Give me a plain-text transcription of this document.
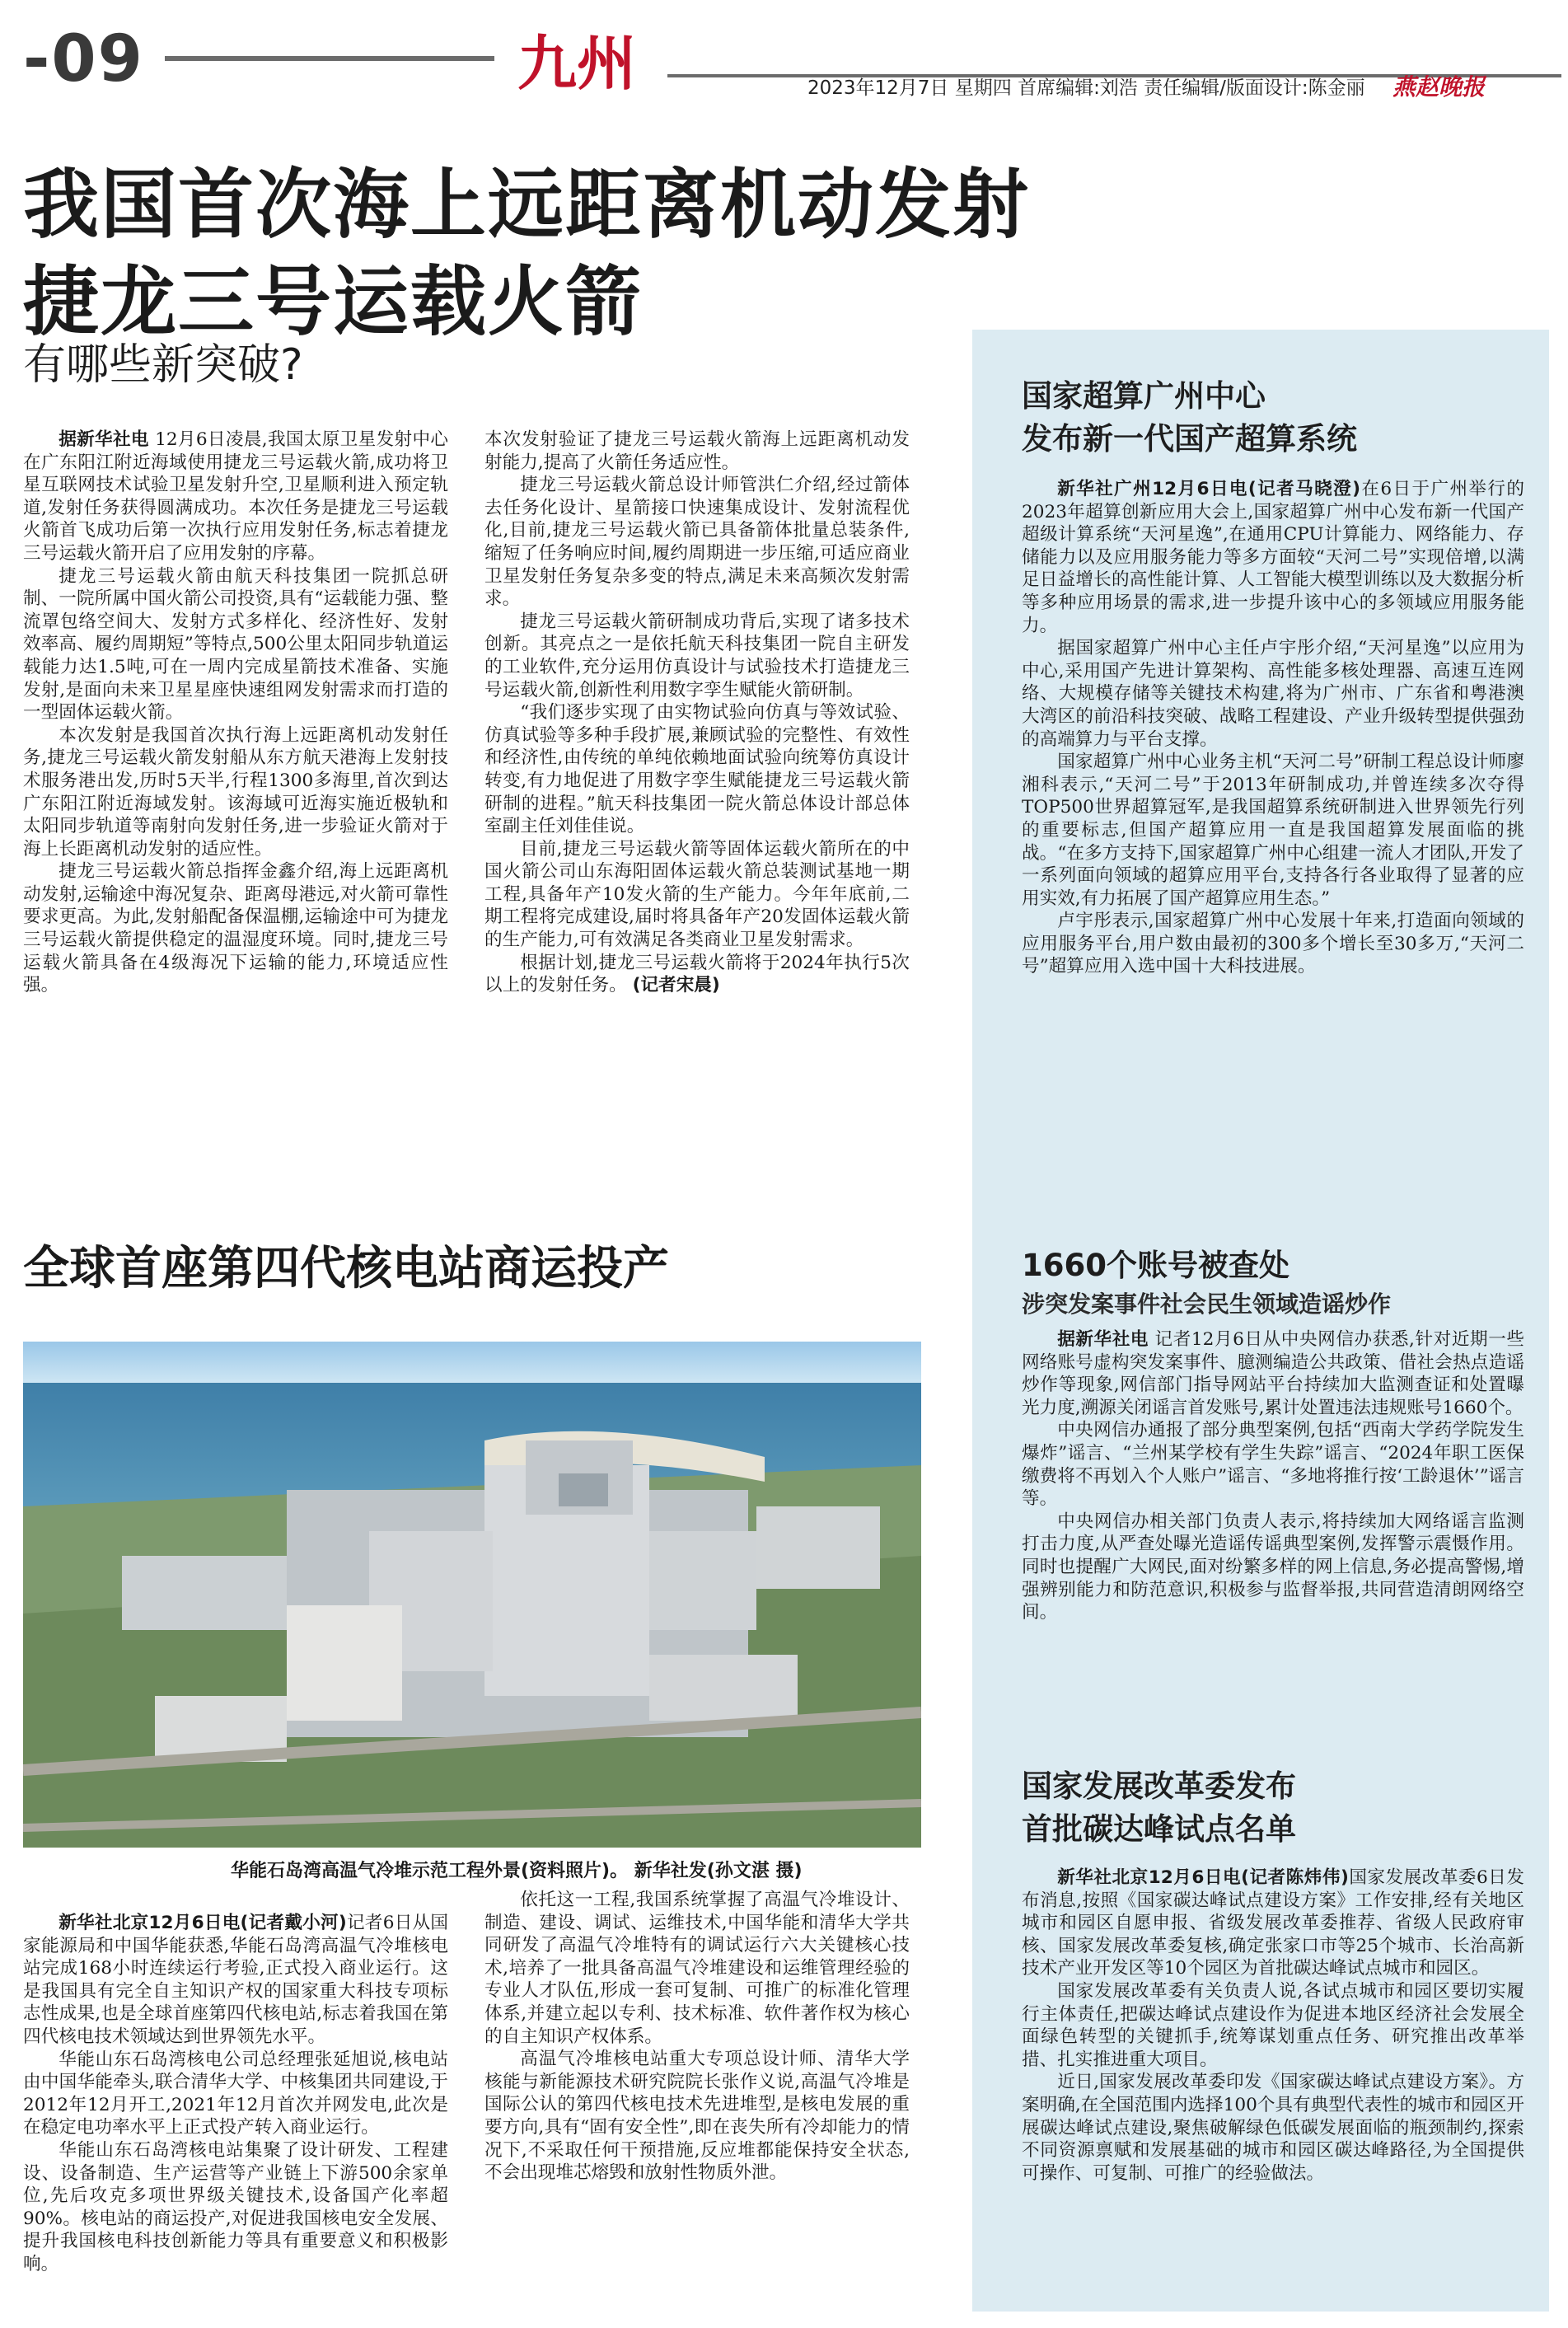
-09	九州	2023年12月7日 星期四 首席编辑:刘浩 责任编辑/版面设计:陈金丽 燕赵晚报
我国首次海上远距离机动发射
捷龙三号运载火箭
有哪些新突破?

据新华社电 12月6日凌晨,我国太原卫星发射中心在广东阳江附近海域使用捷龙三号运载火箭,成功将卫星互联网技术试验卫星发射升空,卫星顺利进入预定轨道,发射任务获得圆满成功。本次任务是捷龙三号运载火箭首飞成功后第一次执行应用发射任务,标志着捷龙三号运载火箭开启了应用发射的序幕。

捷龙三号运载火箭由航天科技集团一院抓总研制、一院所属中国火箭公司投资,具有“运载能力强、整流罩包络空间大、发射方式多样化、经济性好、发射效率高、履约周期短”等特点,500公里太阳同步轨道运载能力达1.5吨,可在一周内完成星箭技术准备、实施发射,是面向未来卫星星座快速组网发射需求而打造的一型固体运载火箭。

本次发射是我国首次执行海上远距离机动发射任务,捷龙三号运载火箭发射船从东方航天港海上发射技术服务港出发,历时5天半,行程1300多海里,首次到达广东阳江附近海域发射。该海域可近海实施近极轨和太阳同步轨道等南射向发射任务,进一步验证火箭对于海上长距离机动发射的适应性。

捷龙三号运载火箭总指挥金鑫介绍,海上远距离机动发射,运输途中海况复杂、距离母港远,对火箭可靠性要求更高。为此,发射船配备保温棚,运输途中可为捷龙三号运载火箭提供稳定的温湿度环境。同时,捷龙三号运载火箭具备在4级海况下运输的能力,环境适应性强。

本次发射验证了捷龙三号运载火箭海上远距离机动发射能力,提高了火箭任务适应性。

捷龙三号运载火箭总设计师管洪仁介绍,经过箭体去任务化设计、星箭接口快速集成设计、发射流程优化,目前,捷龙三号运载火箭已具备箭体批量总装条件,缩短了任务响应时间,履约周期进一步压缩,可适应商业卫星发射任务复杂多变的特点,满足未来高频次发射需求。

捷龙三号运载火箭研制成功背后,实现了诸多技术创新。其亮点之一是依托航天科技集团一院自主研发的工业软件,充分运用仿真设计与试验技术打造捷龙三号运载火箭,创新性利用数字孪生赋能火箭研制。

“我们逐步实现了由实物试验向仿真与等效试验、仿真试验等多种手段扩展,兼顾试验的完整性、有效性和经济性,由传统的单纯依赖地面试验向统筹仿真设计转变,有力地促进了用数字孪生赋能捷龙三号运载火箭研制的进程。”航天科技集团一院火箭总体设计部总体室副主任刘佳佳说。

目前,捷龙三号运载火箭等固体运载火箭所在的中国火箭公司山东海阳固体运载火箭总装测试基地一期工程,具备年产10发火箭的生产能力。今年年底前,二期工程将完成建设,届时将具备年产20发固体运载火箭的生产能力,可有效满足各类商业卫星发射需求。

根据计划,捷龙三号运载火箭将于2024年执行5次以上的发射任务。 (记者宋晨)

全球首座第四代核电站商运投产
华能石岛湾高温气冷堆示范工程外景(资料照片)。 新华社发(孙文湛 摄)

新华社北京12月6日电(记者戴小河)记者6日从国家能源局和中国华能获悉,华能石岛湾高温气冷堆核电站完成168小时连续运行考验,正式投入商业运行。这是我国具有完全自主知识产权的国家重大科技专项标志性成果,也是全球首座第四代核电站,标志着我国在第四代核电技术领域达到世界领先水平。

华能山东石岛湾核电公司总经理张延旭说,核电站由中国华能牵头,联合清华大学、中核集团共同建设,于2012年12月开工,2021年12月首次并网发电,此次是在稳定电功率水平上正式投产转入商业运行。

华能山东石岛湾核电站集聚了设计研发、工程建设、设备制造、生产运营等产业链上下游500余家单位,先后攻克多项世界级关键技术,设备国产化率超90%。核电站的商运投产,对促进我国核电安全发展、提升我国核电科技创新能力等具有重要意义和积极影响。

依托这一工程,我国系统掌握了高温气冷堆设计、制造、建设、调试、运维技术,中国华能和清华大学共同研发了高温气冷堆特有的调试运行六大关键核心技术,培养了一批具备高温气冷堆建设和运维管理经验的专业人才队伍,形成一套可复制、可推广的标准化管理体系,并建立起以专利、技术标准、软件著作权为核心的自主知识产权体系。

高温气冷堆核电站重大专项总设计师、清华大学核能与新能源技术研究院院长张作义说,高温气冷堆是国际公认的第四代核电技术先进堆型,是核电发展的重要方向,具有“固有安全性”,即在丧失所有冷却能力的情况下,不采取任何干预措施,反应堆都能保持安全状态,不会出现堆芯熔毁和放射性物质外泄。

国家超算广州中心
发布新一代国产超算系统

新华社广州12月6日电(记者马晓澄)在6日于广州举行的2023年超算创新应用大会上,国家超算广州中心发布新一代国产超级计算系统“天河星逸”,在通用CPU计算能力、网络能力、存储能力以及应用服务能力等多方面较“天河二号”实现倍增,以满足日益增长的高性能计算、人工智能大模型训练以及大数据分析等多种应用场景的需求,进一步提升该中心的多领域应用服务能力。

据国家超算广州中心主任卢宇彤介绍,“天河星逸”以应用为中心,采用国产先进计算架构、高性能多核处理器、高速互连网络、大规模存储等关键技术构建,将为广州市、广东省和粤港澳大湾区的前沿科技突破、战略工程建设、产业升级转型提供强劲的高端算力与平台支撑。

国家超算广州中心业务主机“天河二号”研制工程总设计师廖湘科表示,“天河二号”于2013年研制成功,并曾连续多次夺得TOP500世界超算冠军,是我国超算系统研制进入世界领先行列的重要标志,但国产超算应用一直是我国超算发展面临的挑战。“在多方支持下,国家超算广州中心组建一流人才团队,开发了一系列面向领域的超算应用平台,支持各行各业取得了显著的应用实效,有力拓展了国产超算应用生态。”

卢宇彤表示,国家超算广州中心发展十年来,打造面向领域的应用服务平台,用户数由最初的300多个增长至30多万,“天河二号”超算应用入选中国十大科技进展。

1660个账号被查处
涉突发案事件社会民生领域造谣炒作

据新华社电 记者12月6日从中央网信办获悉,针对近期一些网络账号虚构突发案事件、臆测编造公共政策、借社会热点造谣炒作等现象,网信部门指导网站平台持续加大监测查证和处置曝光力度,溯源关闭谣言首发账号,累计处置违法违规账号1660个。

中央网信办通报了部分典型案例,包括“西南大学药学院发生爆炸”谣言、“兰州某学校有学生失踪”谣言、“2024年职工医保缴费将不再划入个人账户”谣言、“多地将推行按‘工龄退休’”谣言等。

中央网信办相关部门负责人表示,将持续加大网络谣言监测打击力度,从严查处曝光造谣传谣典型案例,发挥警示震慑作用。同时也提醒广大网民,面对纷繁多样的网上信息,务必提高警惕,增强辨别能力和防范意识,积极参与监督举报,共同营造清朗网络空间。

国家发展改革委发布
首批碳达峰试点名单

新华社北京12月6日电(记者陈炜伟)国家发展改革委6日发布消息,按照《国家碳达峰试点建设方案》工作安排,经有关地区城市和园区自愿申报、省级发展改革委推荐、省级人民政府审核、国家发展改革委复核,确定张家口市等25个城市、长治高新技术产业开发区等10个园区为首批碳达峰试点城市和园区。

国家发展改革委有关负责人说,各试点城市和园区要切实履行主体责任,把碳达峰试点建设作为促进本地区经济社会发展全面绿色转型的关键抓手,统筹谋划重点任务、研究推出改革举措、扎实推进重大项目。

近日,国家发展改革委印发《国家碳达峰试点建设方案》。方案明确,在全国范围内选择100个具有典型代表性的城市和园区开展碳达峰试点建设,聚焦破解绿色低碳发展面临的瓶颈制约,探索不同资源禀赋和发展基础的城市和园区碳达峰路径,为全国提供可操作、可复制、可推广的经验做法。
